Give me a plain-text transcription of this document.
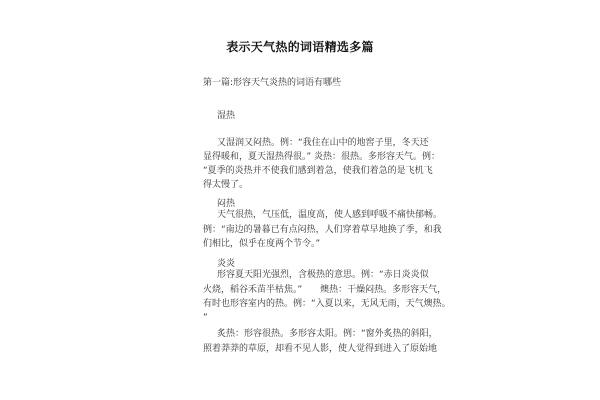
表示天气热的词语精选多篇
第一篇:形容天气炎热的词语有哪些
湿热
又湿润又闷热。例：“我住在山中的地窖子里，冬天还
显得暖和，夏天湿热得很。” 炎热：很热。多形容天气。例：
“夏季的炎热并不使我们感到着急，使我们着急的是飞机飞
得太慢了。
闷热
天气很热，气压低，温度高，使人感到呼吸不痛快郁畅。
例：“南边的暑暮已有点闷热，人们穿着草早地换了季，和我
们相比，似乎在度两个节令。”
炎炎
形容夏天阳光强烈，含极热的意思。例：“赤日炎炎似
火烧，稻谷禾苗半枯焦。”　　燠热：干燥闷热。多形容天气，
有时也形容室内的热。例：“入夏以来，无风无雨，天气燠热。
”
炙热：形容很热。多形容太阳。例：“窗外炙热的斜阳，
照着莽莽的草原，却看不见人影，使人觉得到进入了原始地
